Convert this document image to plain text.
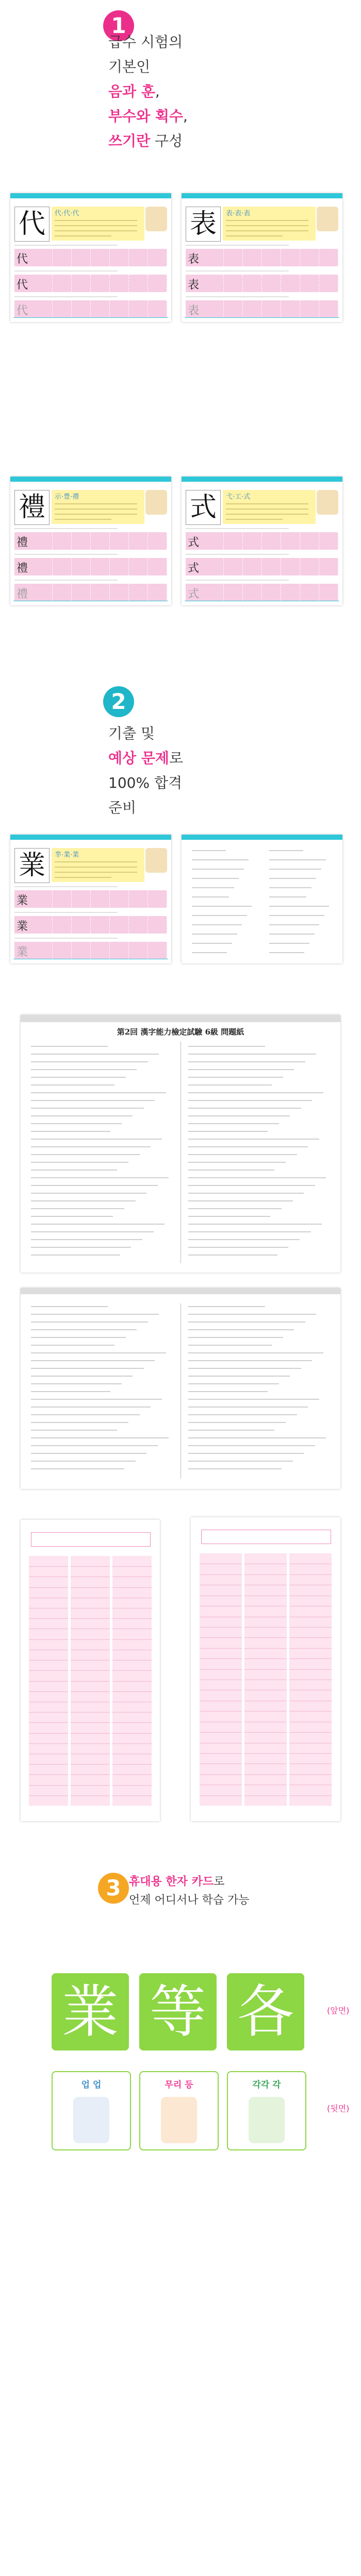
1
급수 시험의
기본인
음과 훈,
부수와 획수,
쓰기란 구성
代	代·代·代
代
代
代
表	表·表·表
表
表
表
禮	示·豊·禮
禮
禮
禮
式	弋·工·式
式
式
式
2
기출 및
예상 문제로
100% 합격
준비
業	丵·業·業
業
業
業
第2回 漢字能力檢定試驗 6級 問題紙
3 휴대용 한자 카드로
언제 어디서나 학습 가능
業 等 各	(앞면)
업 업	무리 등	각각 각
(뒷면)
